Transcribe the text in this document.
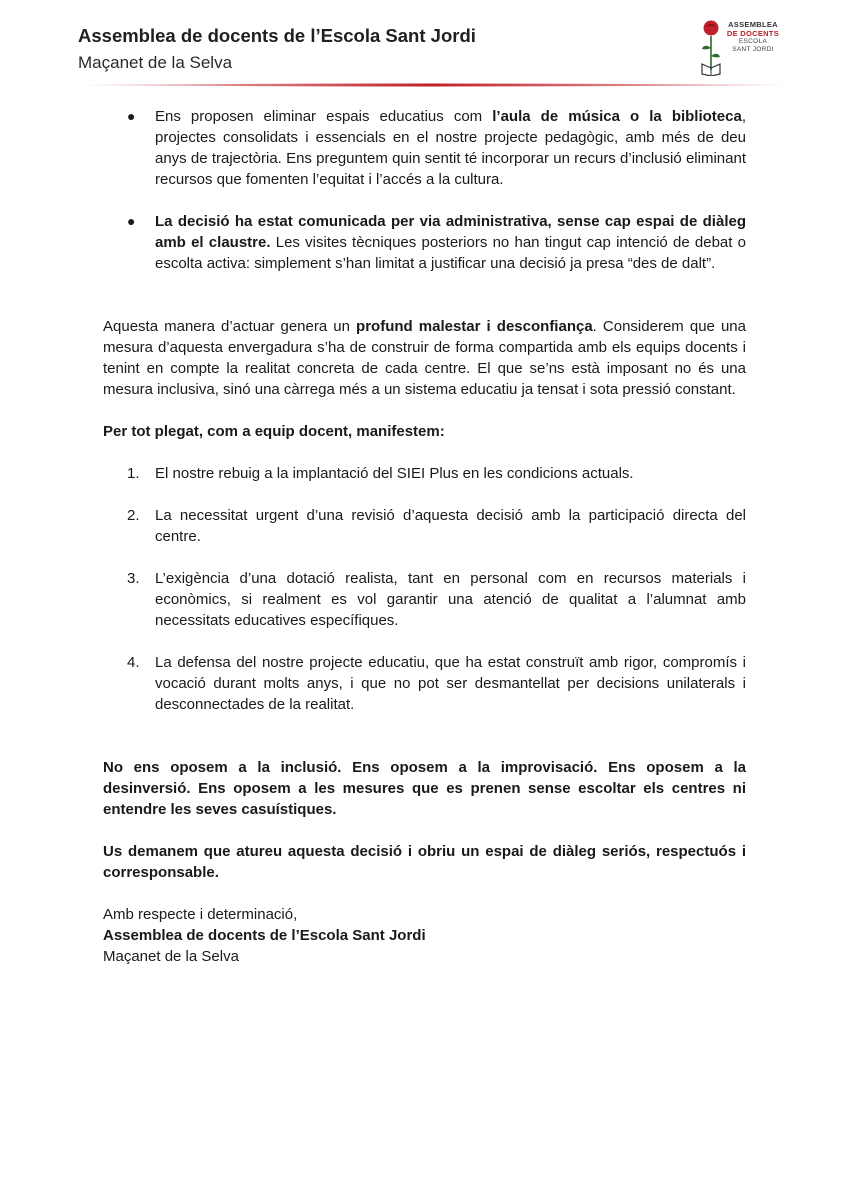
Assemblea de docents de l’Escola Sant Jordi
Maçanet de la Selva
ASSEMBLEA
DE DOCENTS
ESCOLA
SANT JORDI

● Ens proposen eliminar espais educatius com l’aula de música o la biblioteca, projectes consolidats i essencials en el nostre projecte pedagògic, amb més de deu anys de trajectòria. Ens preguntem quin sentit té incorporar un recurs d’inclusió eliminant recursos que fomenten l’equitat i l’accés a la cultura.

● La decisió ha estat comunicada per via administrativa, sense cap espai de diàleg amb el claustre. Les visites tècniques posteriors no han tingut cap intenció de debat o escolta activa: simplement s’han limitat a justificar una decisió ja presa “des de dalt”.

Aquesta manera d’actuar genera un profund malestar i desconfiança. Considerem que una mesura d’aquesta envergadura s’ha de construir de forma compartida amb els equips docents i tenint en compte la realitat concreta de cada centre. El que se’ns està imposant no és una mesura inclusiva, sinó una càrrega més a un sistema educatiu ja tensat i sota pressió constant.

Per tot plegat, com a equip docent, manifestem:

1. El nostre rebuig a la implantació del SIEI Plus en les condicions actuals.

2. La necessitat urgent d’una revisió d’aquesta decisió amb la participació directa del centre.

3. L’exigència d’una dotació realista, tant en personal com en recursos materials i econòmics, si realment es vol garantir una atenció de qualitat a l’alumnat amb necessitats educatives específiques.

4. La defensa del nostre projecte educatiu, que ha estat construït amb rigor, compromís i vocació durant molts anys, i que no pot ser desmantellat per decisions unilaterals i desconnectades de la realitat.

No ens oposem a la inclusió. Ens oposem a la improvisació. Ens oposem a la desinversió. Ens oposem a les mesures que es prenen sense escoltar els centres ni entendre les seves casuístiques.

Us demanem que atureu aquesta decisió i obriu un espai de diàleg seriós, respectuós i corresponsable.

Amb respecte i determinació,
Assemblea de docents de l’Escola Sant Jordi
Maçanet de la Selva
